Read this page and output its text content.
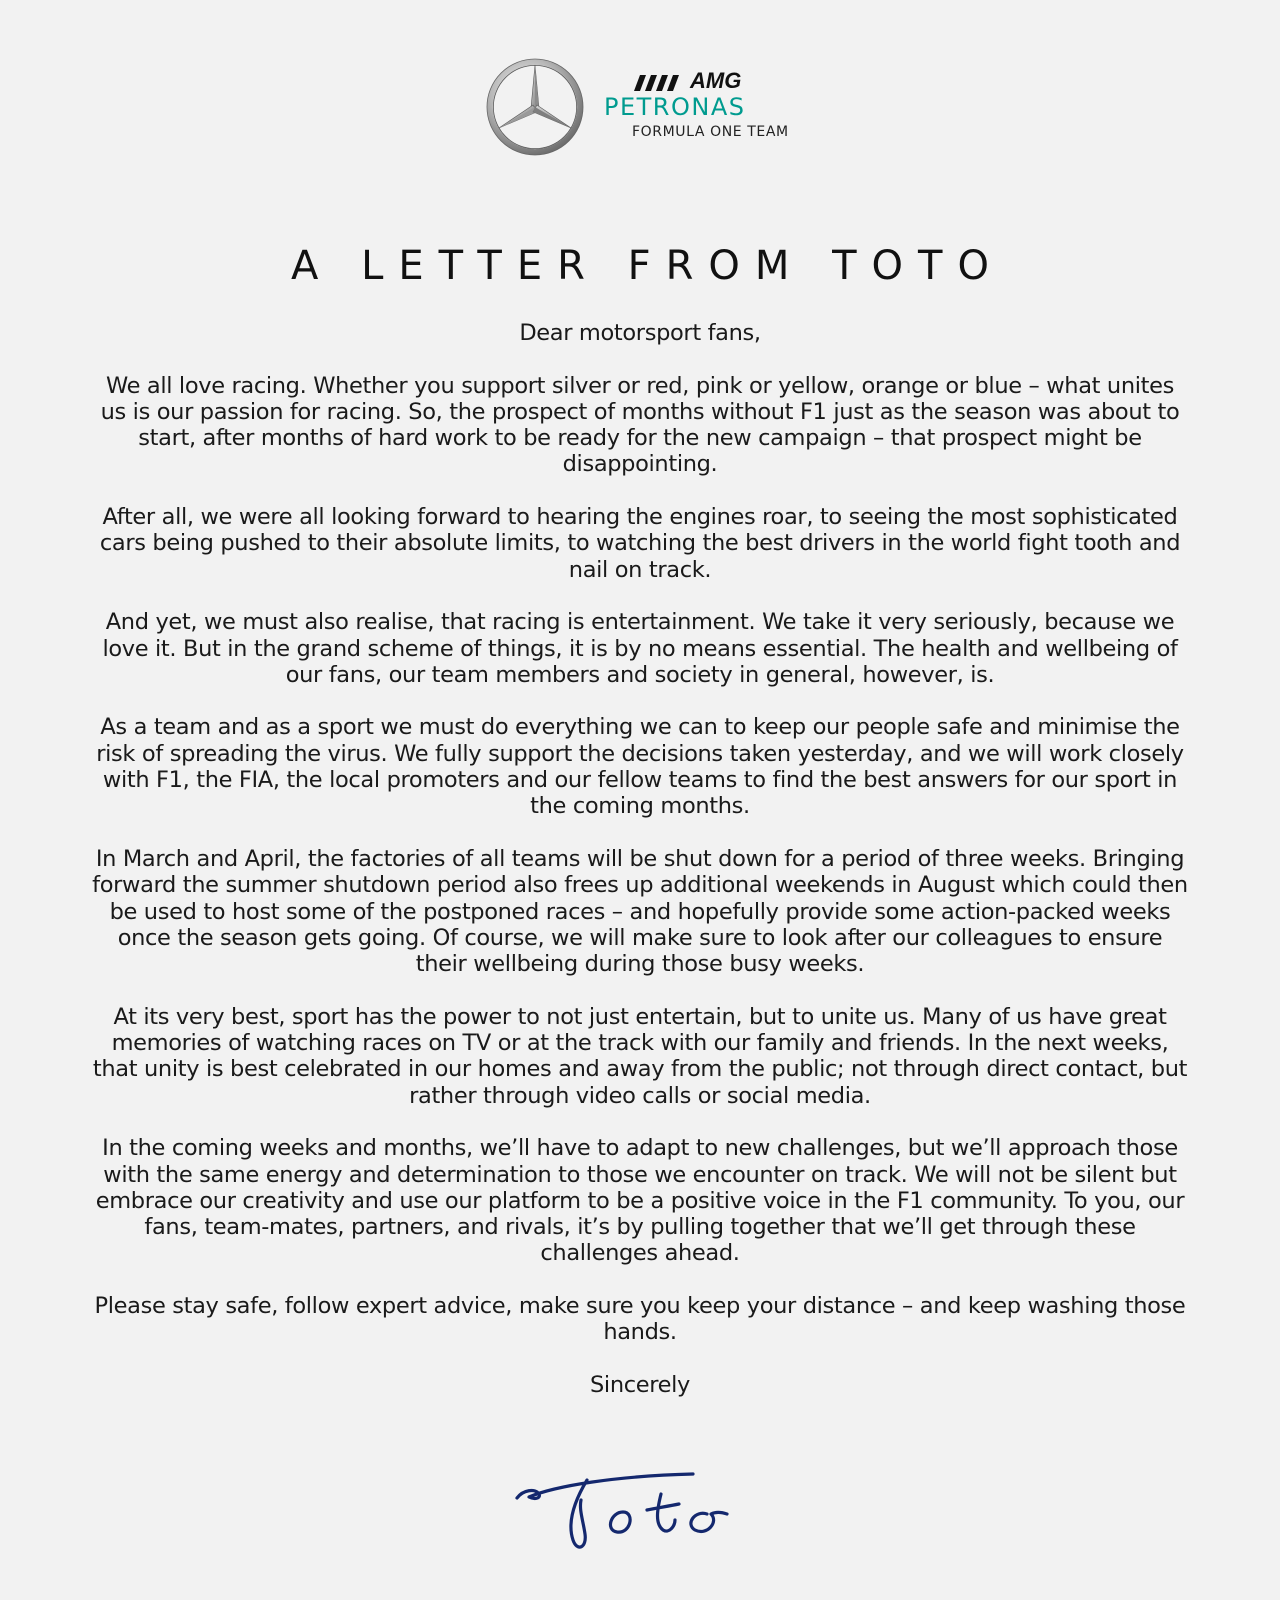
AMG
PETRONAS
FORMULA ONE TEAM
A LETTER FROM TOTO

Dear motorsport fans,

We all love racing. Whether you support silver or red, pink or yellow, orange or blue – what unites us is our passion for racing. So, the prospect of months without F1 just as the season was about to start, after months of hard work to be ready for the new campaign – that prospect might be disappointing.

After all, we were all looking forward to hearing the engines roar, to seeing the most sophisticated cars being pushed to their absolute limits, to watching the best drivers in the world fight tooth and nail on track.

And yet, we must also realise, that racing is entertainment. We take it very seriously, because we love it. But in the grand scheme of things, it is by no means essential. The health and wellbeing of our fans, our team members and society in general, however, is.

As a team and as a sport we must do everything we can to keep our people safe and minimise the risk of spreading the virus. We fully support the decisions taken yesterday, and we will work closely with F1, the FIA, the local promoters and our fellow teams to find the best answers for our sport in the coming months.

In March and April, the factories of all teams will be shut down for a period of three weeks. Bringing forward the summer shutdown period also frees up additional weekends in August which could then be used to host some of the postponed races – and hopefully provide some action-packed weeks once the season gets going. Of course, we will make sure to look after our colleagues to ensure their wellbeing during those busy weeks.

At its very best, sport has the power to not just entertain, but to unite us. Many of us have great memories of watching races on TV or at the track with our family and friends. In the next weeks, that unity is best celebrated in our homes and away from the public; not through direct contact, but rather through video calls or social media.

In the coming weeks and months, we’ll have to adapt to new challenges, but we’ll approach those with the same energy and determination to those we encounter on track. We will not be silent but embrace our creativity and use our platform to be a positive voice in the F1 community. To you, our fans, team-mates, partners, and rivals, it’s by pulling together that we’ll get through these challenges ahead.

Please stay safe, follow expert advice, make sure you keep your distance – and keep washing those hands.

Sincerely
